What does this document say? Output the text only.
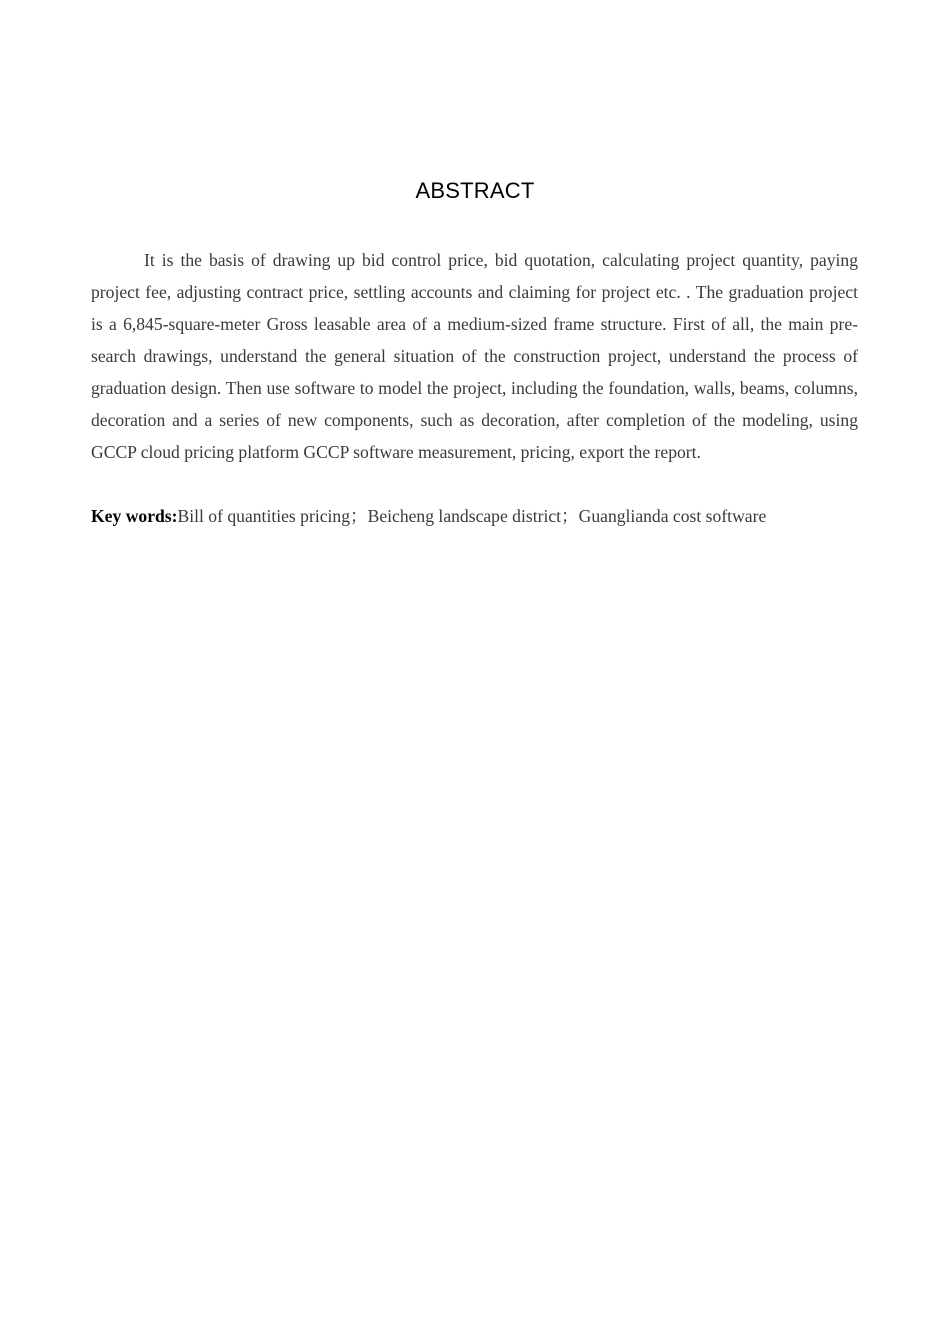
ABSTRACT

It is the basis of drawing up bid control price, bid quotation, calculating project quantity, paying project fee, adjusting contract price, settling accounts and claiming for project etc. . The graduation project is a 6,845-square-meter Gross leasable area of a medium-sized frame structure. First of all, the main pre-search drawings, understand the general situation of the construction project, understand the process of graduation design. Then use software to model the project, including the foundation, walls, beams, columns, decoration and a series of new components, such as decoration, after completion of the modeling, using GCCP cloud pricing platform GCCP software measurement, pricing, export the report.

Key words:Bill of quantities pricing；Beicheng landscape district；Guanglianda cost software
